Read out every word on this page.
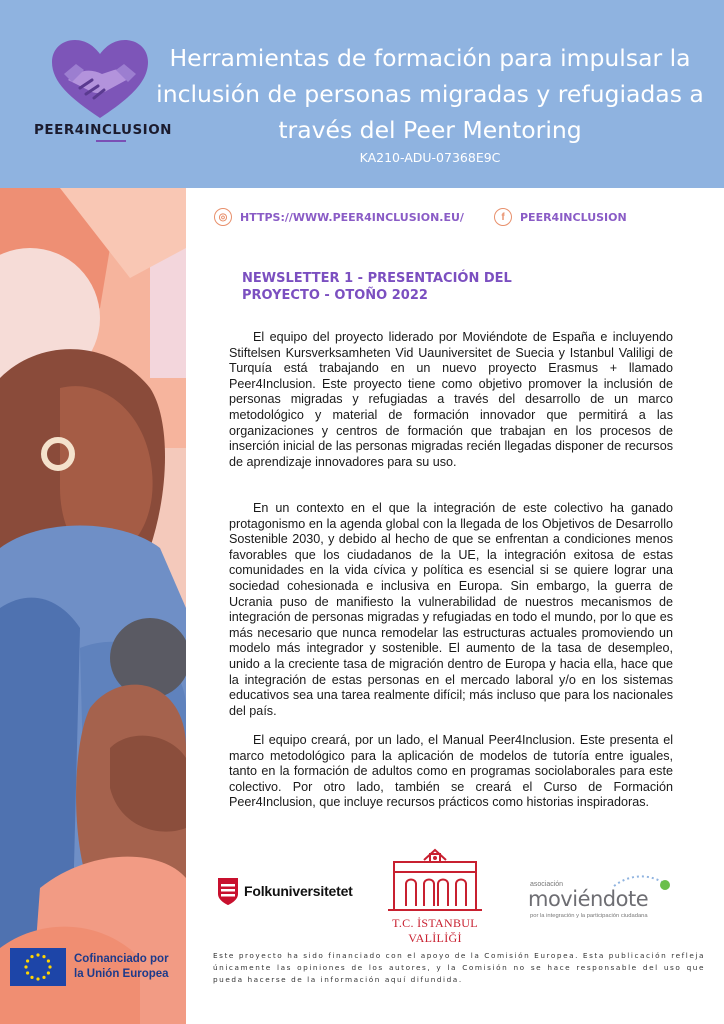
PEER4INCLUSION
Herramientas de formación para impulsar la inclusión de personas migradas y refugiadas a través del Peer Mentoring
KA210-ADU-07368E9C
◎	HTTPS://WWW.PEER4INCLUSION.EU/	f	PEER4INCLUSION
NEWSLETTER 1 - PRESENTACIÓN DEL PROYECTO - OTOÑO 2022
El equipo del proyecto liderado por Moviéndote de España e incluyendo Stiftelsen Kursverksamheten Vid Uauniversitet de Suecia y Istanbul Valiligi de Turquía está trabajando en un nuevo proyecto Erasmus + llamado Peer4Inclusion. Este proyecto tiene como objetivo promover la inclusión de personas migradas y refugiadas a través del desarrollo de un marco metodológico y material de formación innovador que permitirá a las organizaciones y centros de formación que trabajan en los procesos de inserción inicial de las personas migradas recién llegadas disponer de recursos de aprendizaje innovadores para su uso.
En un contexto en el que la integración de este colectivo ha ganado protagonismo en la agenda global con la llegada de los Objetivos de Desarrollo Sostenible 2030, y debido al hecho de que se enfrentan a condiciones menos favorables que los ciudadanos de la UE, la integración exitosa de estas comunidades en la vida cívica y política es esencial si se quiere lograr una sociedad cohesionada e inclusiva en Europa. Sin embargo, la guerra de Ucrania puso de manifiesto la vulnerabilidad de nuestros mecanismos de integración de personas migradas y refugiadas en todo el mundo, por lo que es más necesario que nunca remodelar las estructuras actuales promoviendo un modelo más integrador y sostenible. El aumento de la tasa de desempleo, unido a la creciente tasa de migración dentro de Europa y hacia ella, hace que la integración de estas personas en el mercado laboral y/o en los sistemas educativos sea una tarea realmente difícil; más incluso que para los nacionales del país.
El equipo creará, por un lado, el Manual Peer4Inclusion. Este presenta el marco metodológico para la aplicación de modelos de tutoría entre iguales, tanto en la formación de adultos como en programas sociolaborales para este colectivo. Por otro lado, también se creará el Curso de Formación Peer4Inclusion, que incluye recursos prácticos como historias inspiradoras.
Folkuniversitetet
T.C. İSTANBUL VALİLİĞİ
asociación
moviéndote
por la integración y la participación ciudadana
Cofinanciado por
la Unión Europea
Este proyecto ha sido financiado con el apoyo de la Comisión Europea. Esta publicación refleja únicamente las opiniones de los autores, y la Comisión no se hace responsable del uso que pueda hacerse de la información aquí difundida.
